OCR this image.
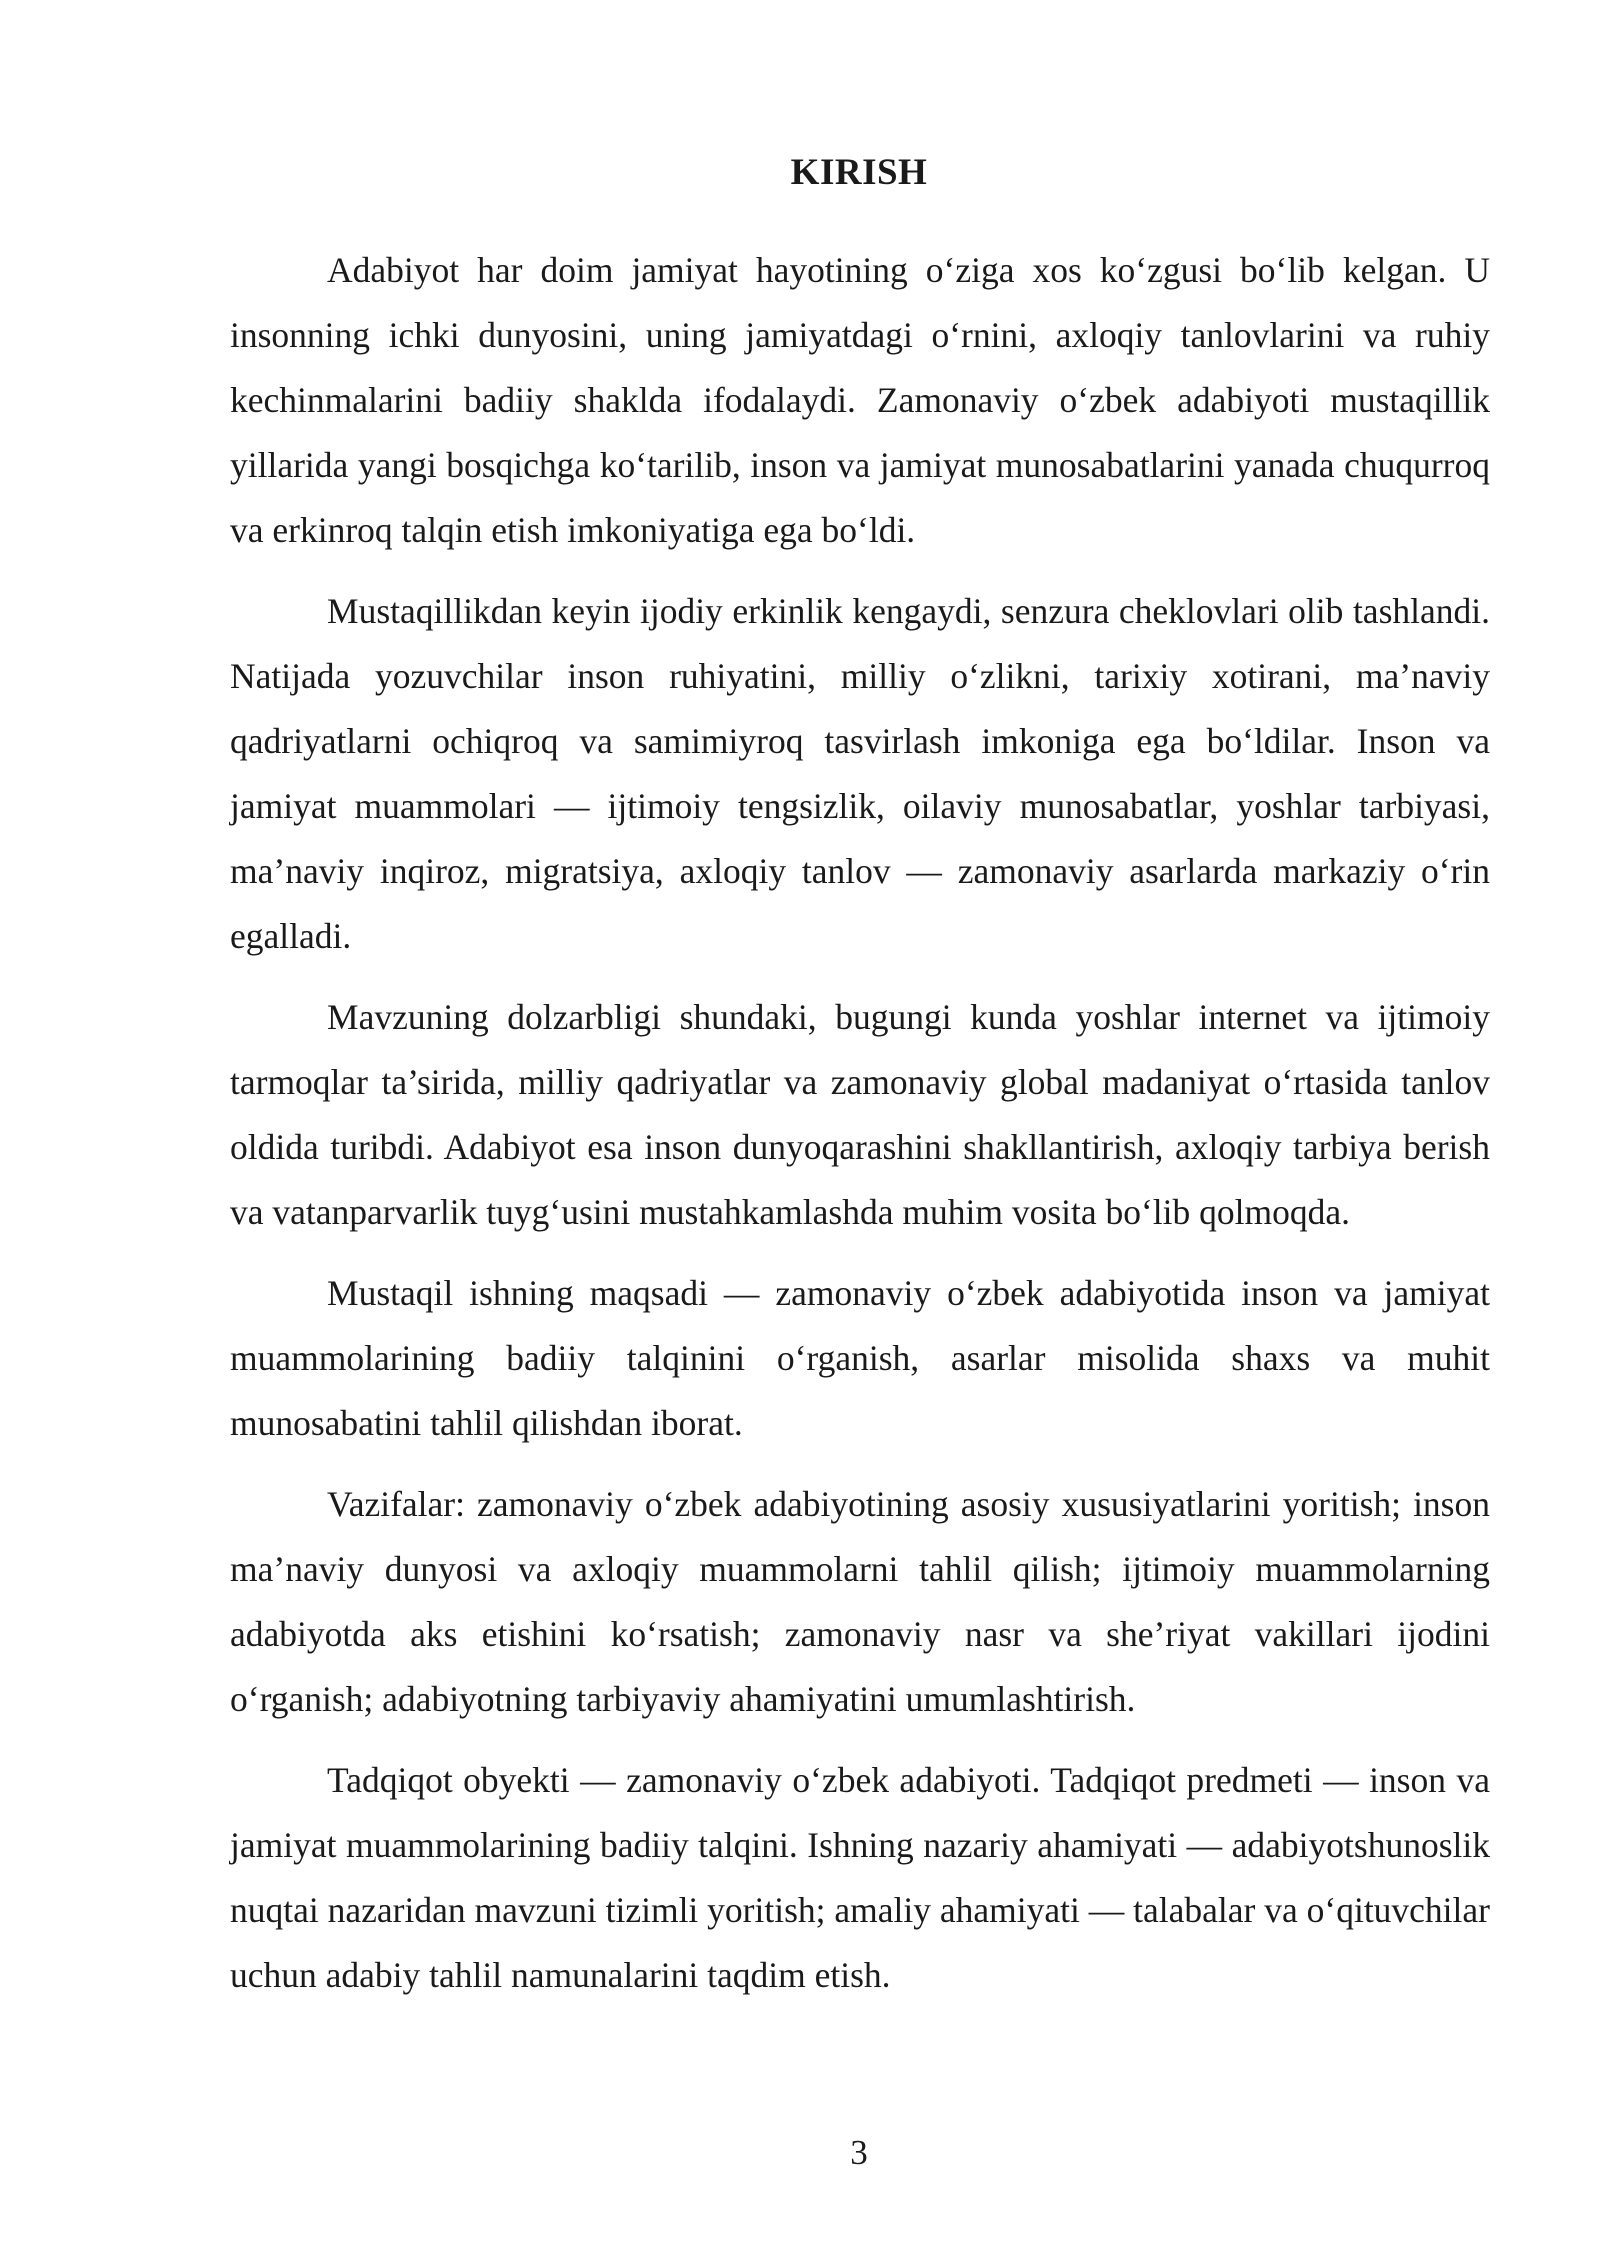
KIRISH

Adabiyot har doim jamiyat hayotining o‘ziga xos ko‘zgusi bo‘lib kelgan. U insonning ichki dunyosini, uning jamiyatdagi o‘rnini, axloqiy tanlovlarini va ruhiy kechinmalarini badiiy shaklda ifodalaydi. Zamonaviy o‘zbek adabiyoti mustaqillik yillarida yangi bosqichga ko‘tarilib, inson va jamiyat munosabatlarini yanada chuqurroq va erkinroq talqin etish imkoniyatiga ega bo‘ldi.

Mustaqillikdan keyin ijodiy erkinlik kengaydi, senzura cheklovlari olib tashlandi. Natijada yozuvchilar inson ruhiyatini, milliy o‘zlikni, tarixiy xotirani, ma’naviy qadriyatlarni ochiqroq va samimiyroq tasvirlash imkoniga ega bo‘ldilar. Inson va jamiyat muammolari — ijtimoiy tengsizlik, oilaviy munosabatlar, yoshlar tarbiyasi, ma’naviy inqiroz, migratsiya, axloqiy tanlov — zamonaviy asarlarda markaziy o‘rin egalladi.

Mavzuning dolzarbligi shundaki, bugungi kunda yoshlar internet va ijtimoiy tarmoqlar ta’sirida, milliy qadriyatlar va zamonaviy global madaniyat o‘rtasida tanlov oldida turibdi. Adabiyot esa inson dunyoqarashini shakllantirish, axloqiy tarbiya berish va vatanparvarlik tuyg‘usini mustahkamlashda muhim vosita bo‘lib qolmoqda.

Mustaqil ishning maqsadi — zamonaviy o‘zbek adabiyotida inson va jamiyat muammolarining badiiy talqinini o‘rganish, asarlar misolida shaxs va muhit munosabatini tahlil qilishdan iborat.

Vazifalar: zamonaviy o‘zbek adabiyotining asosiy xususiyatlarini yoritish; inson ma’naviy dunyosi va axloqiy muammolarni tahlil qilish; ijtimoiy muammolarning adabiyotda aks etishini ko‘rsatish; zamonaviy nasr va she’riyat vakillari ijodini o‘rganish; adabiyotning tarbiyaviy ahamiyatini umumlashtirish.

Tadqiqot obyekti — zamonaviy o‘zbek adabiyoti. Tadqiqot predmeti — inson va jamiyat muammolarining badiiy talqini. Ishning nazariy ahamiyati — adabiyotshunoslik nuqtai nazaridan mavzuni tizimli yoritish; amaliy ahamiyati — talabalar va o‘qituvchilar uchun adabiy tahlil namunalarini taqdim etish.

3
